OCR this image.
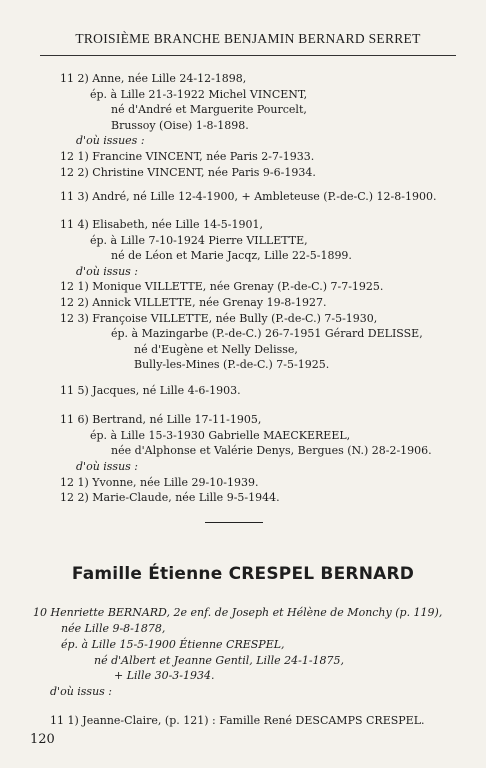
TROISIÈME BRANCHE BENJAMIN BERNARD SERRET
11 2) Anne, née Lille 24-12-1898,
ép. à Lille 21-3-1922 Michel VINCENT,
né d'André et Marguerite Pourcelt,
Brussoy (Oise) 1-8-1898.
d'où issues :
12 1) Francine VINCENT, née Paris 2-7-1933.
12 2) Christine VINCENT, née Paris 9-6-1934.
11 3) André, né Lille 12-4-1900, + Ambleteuse (P.-de-C.) 12-8-1900.
11 4) Elisabeth, née Lille 14-5-1901,
ép. à Lille 7-10-1924 Pierre VILLETTE,
né de Léon et Marie Jacqz, Lille 22-5-1899.
d'où issus :
12 1) Monique VILLETTE, née Grenay (P.-de-C.) 7-7-1925.
12 2) Annick VILLETTE, née Grenay 19-8-1927.
12 3) Françoise VILLETTE, née Bully (P.-de-C.) 7-5-1930,
ép. à Mazingarbe (P.-de-C.) 26-7-1951 Gérard DELISSE,
né d'Eugène et Nelly Delisse,
Bully-les-Mines (P.-de-C.) 7-5-1925.
11 5) Jacques, né Lille 4-6-1903.
11 6) Bertrand, né Lille 17-11-1905,
ép. à Lille 15-3-1930 Gabrielle MAECKEREEL,
née d'Alphonse et Valérie Denys, Bergues (N.) 28-2-1906.
d'où issus :
12 1) Yvonne, née Lille 29-10-1939.
12 2) Marie-Claude, née Lille 9-5-1944.
10 Henriette BERNARD, 2e enf. de Joseph et Hélène de Monchy (p. 119),
née Lille 9-8-1878,
ép. à Lille 15-5-1900 Étienne CRESPEL,
né d'Albert et Jeanne Gentil, Lille 24-1-1875,
+ Lille 30-3-1934.
d'où issus :
11 1) Jeanne-Claire, (p. 121) : Famille René DESCAMPS CRESPEL.
Famille Étienne CRESPEL BERNARD
120
